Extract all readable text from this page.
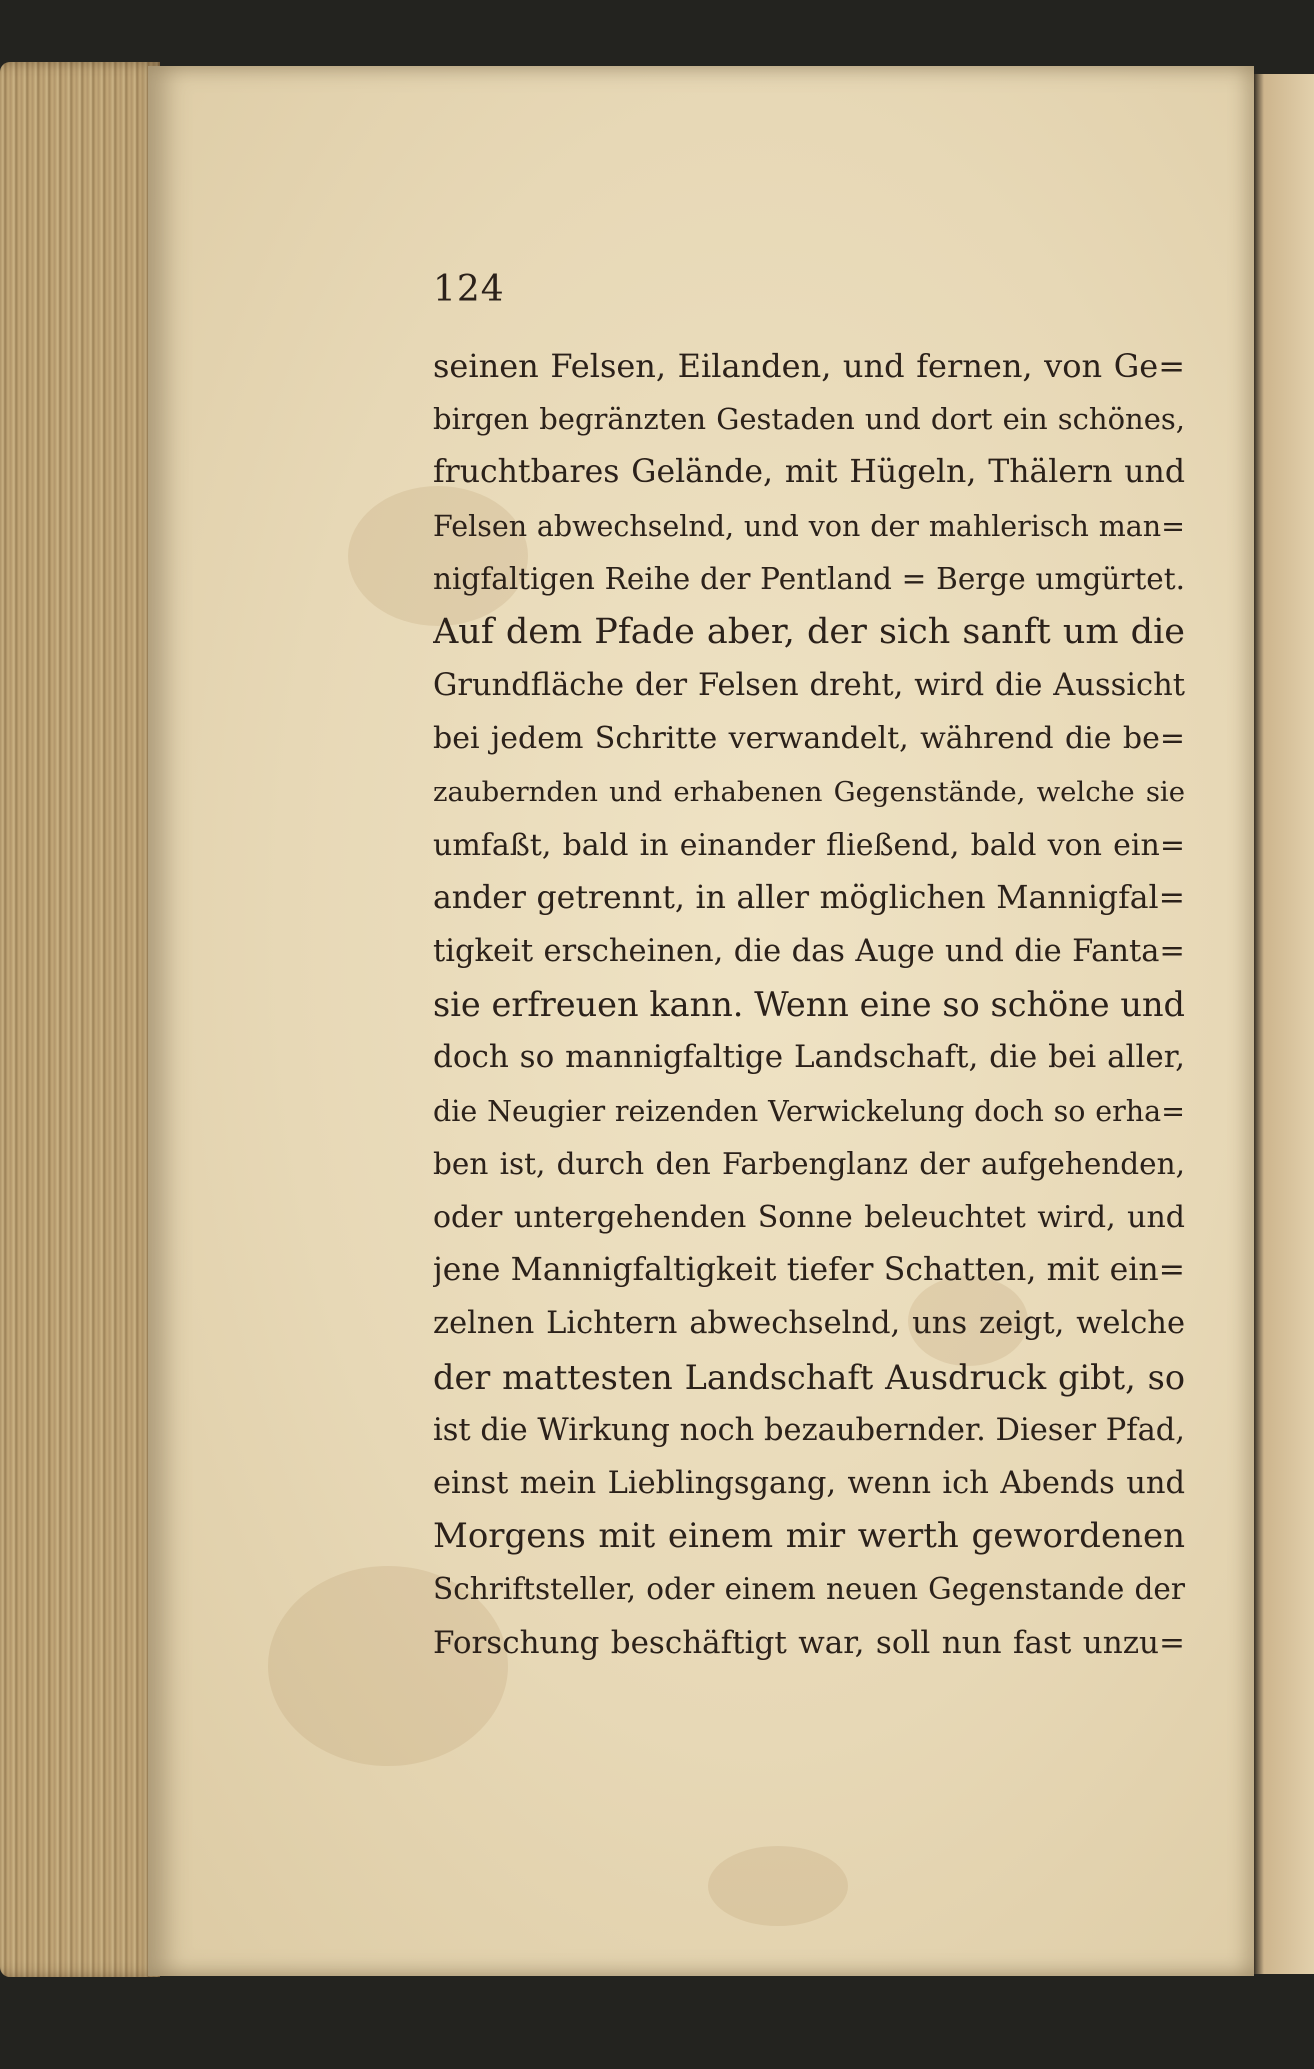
124
seinen Felsen, Eilanden, und fernen, von Ge=
birgen begränzten Gestaden und dort ein schönes,
fruchtbares Gelände, mit Hügeln, Thälern und
Felsen abwechselnd, und von der mahlerisch man=
nigfaltigen Reihe der Pentland = Berge umgürtet.
Auf dem Pfade aber, der sich sanft um die
Grundfläche der Felsen dreht, wird die Aussicht
bei jedem Schritte verwandelt, während die be=
zaubernden und erhabenen Gegenstände, welche sie
umfaßt, bald in einander fließend, bald von ein=
ander getrennt, in aller möglichen Mannigfal=
tigkeit erscheinen, die das Auge und die Fanta=
sie erfreuen kann. Wenn eine so schöne und
doch so mannigfaltige Landschaft, die bei aller,
die Neugier reizenden Verwickelung doch so erha=
ben ist, durch den Farbenglanz der aufgehenden,
oder untergehenden Sonne beleuchtet wird, und
jene Mannigfaltigkeit tiefer Schatten, mit ein=
zelnen Lichtern abwechselnd, uns zeigt, welche
der mattesten Landschaft Ausdruck gibt, so
ist die Wirkung noch bezaubernder. Dieser Pfad,
einst mein Lieblingsgang, wenn ich Abends und
Morgens mit einem mir werth gewordenen
Schriftsteller, oder einem neuen Gegenstande der
Forschung beschäftigt war, soll nun fast unzu=
